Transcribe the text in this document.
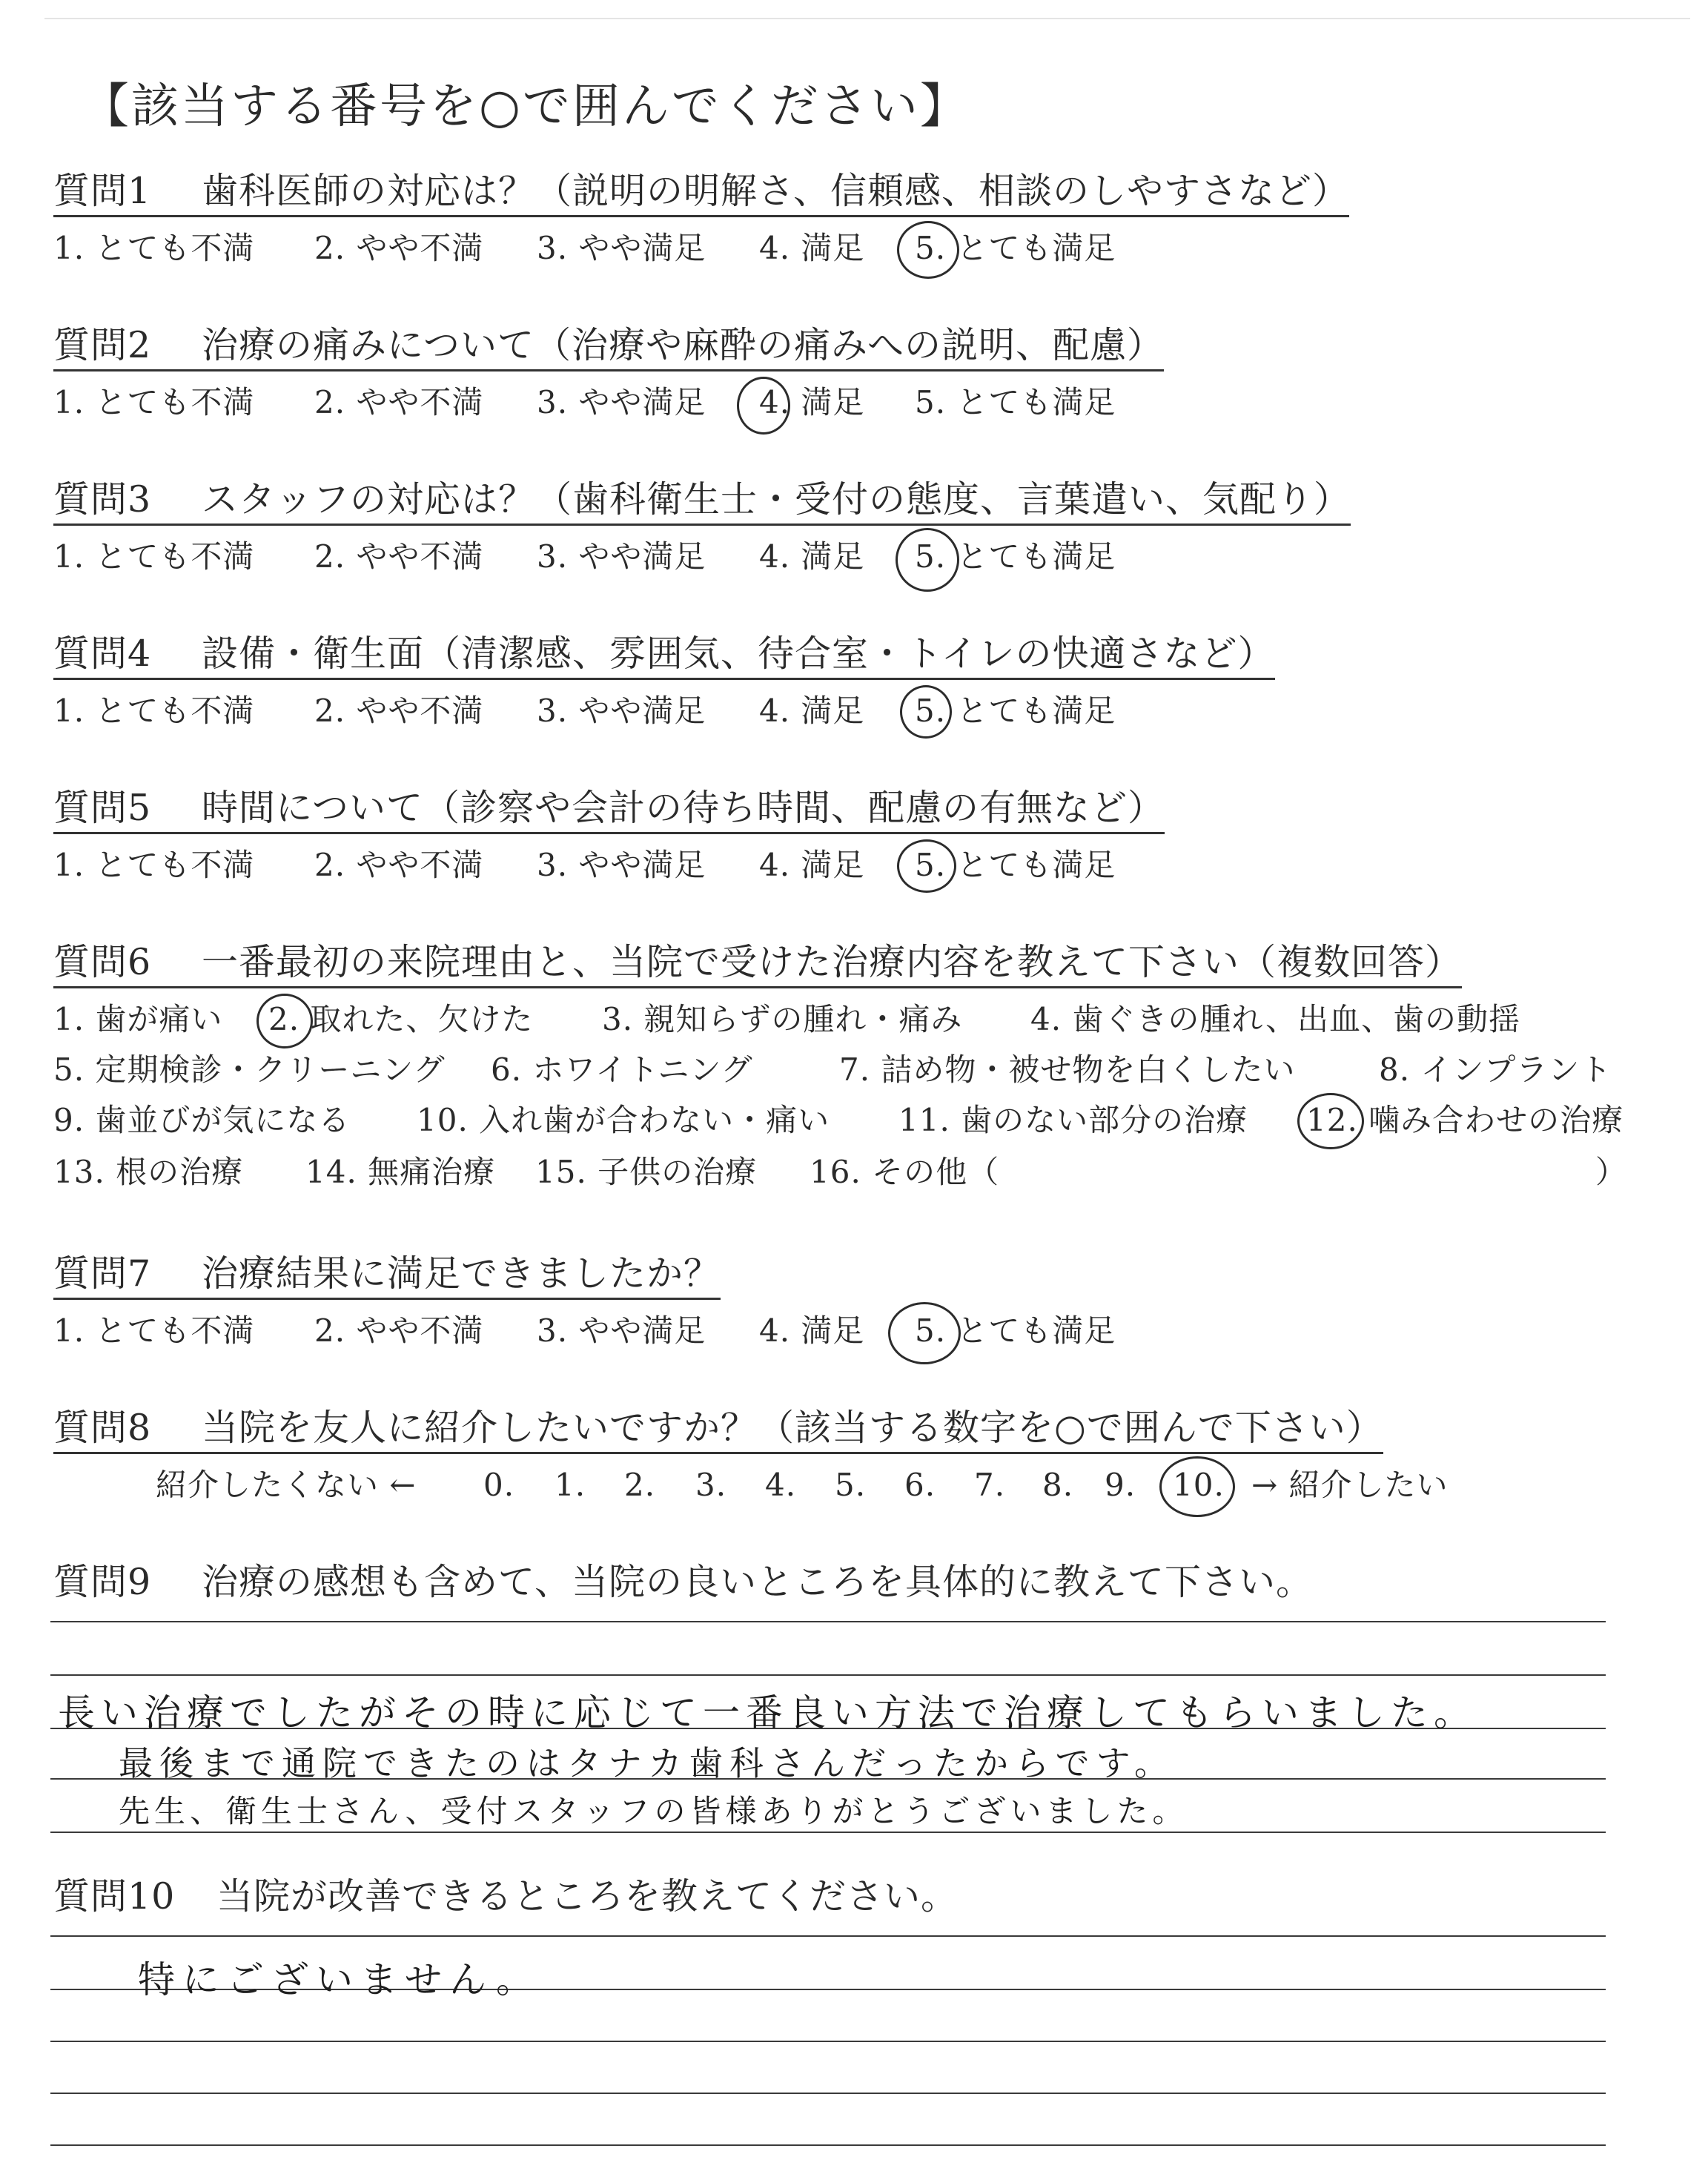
【該当する番号を○で囲んでください】
質問1 歯科医師の対応は？（説明の明解さ、信頼感、相談のしやすさなど）
1. とても不満 2. やや不満 3. やや満足 4. 満足 5. とても満足
質問2 治療の痛みについて（治療や麻酔の痛みへの説明、配慮）
1. とても不満 2. やや不満 3. やや満足 4. 満足 5. とても満足
質問3 スタッフの対応は？（歯科衛生士・受付の態度、言葉遣い、気配り）
1. とても不満 2. やや不満 3. やや満足 4. 満足 5. とても満足
質問4 設備・衛生面（清潔感、雰囲気、待合室・トイレの快適さなど）
1. とても不満 2. やや不満 3. やや満足 4. 満足 5. とても満足
質問5 時間について（診察や会計の待ち時間、配慮の有無など）
1. とても不満 2. やや不満 3. やや満足 4. 満足 5. とても満足
質問6 一番最初の来院理由と、当院で受けた治療内容を教えて下さい（複数回答）
1. 歯が痛い 2. 取れた、欠けた 3. 親知らずの腫れ・痛み 4. 歯ぐきの腫れ、出血、歯の動揺
5. 定期検診・クリーニング 6. ホワイトニング	7. 詰め物・被せ物を白くしたい	8. インプラント
9. 歯並びが気になる 10. 入れ歯が合わない・痛い 11. 歯のない部分の治療 12. 噛み合わせの治療
13. 根の治療 14. 無痛治療 15. 子供の治療 16. その他（	）
質問7 治療結果に満足できましたか？
1. とても不満 2. やや不満 3. やや満足 4. 満足 5. とても満足
質問8 当院を友人に紹介したいですか？（該当する数字を○で囲んで下さい）
紹介したくない ← 0. 1. 2. 3. 4. 5. 6. 7. 8. 9. 10. → 紹介したい
質問9 治療の感想も含めて、当院の良いところを具体的に教えて下さい。
長い治療でしたがその時に応じて一番良い方法で治療してもらいました。
最後まで通院できたのはタナカ歯科さんだったからです。
先生、衛生士さん、受付スタッフの皆様ありがとうございました。
質問10 当院が改善できるところを教えてください。
特にございません。
